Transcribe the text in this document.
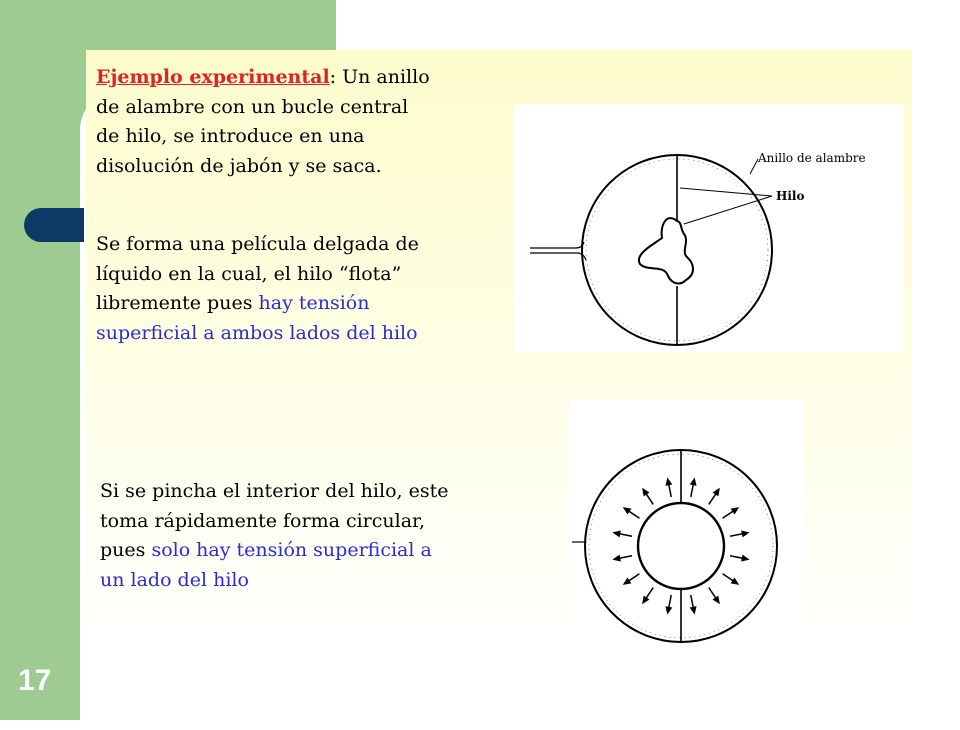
17

Ejemplo experimental: Un anillo
de alambre con un bucle central
de hilo, se introduce en una
disolución de jabón y se saca.

Se forma una película delgada de
líquido en la cual, el hilo “flota”
libremente pues hay tensión
superficial a ambos lados del hilo

Si se pincha el interior del hilo, este
toma rápidamente forma circular,
pues solo hay tensión superficial a
un lado del hilo

Anillo de alambre
Hilo
